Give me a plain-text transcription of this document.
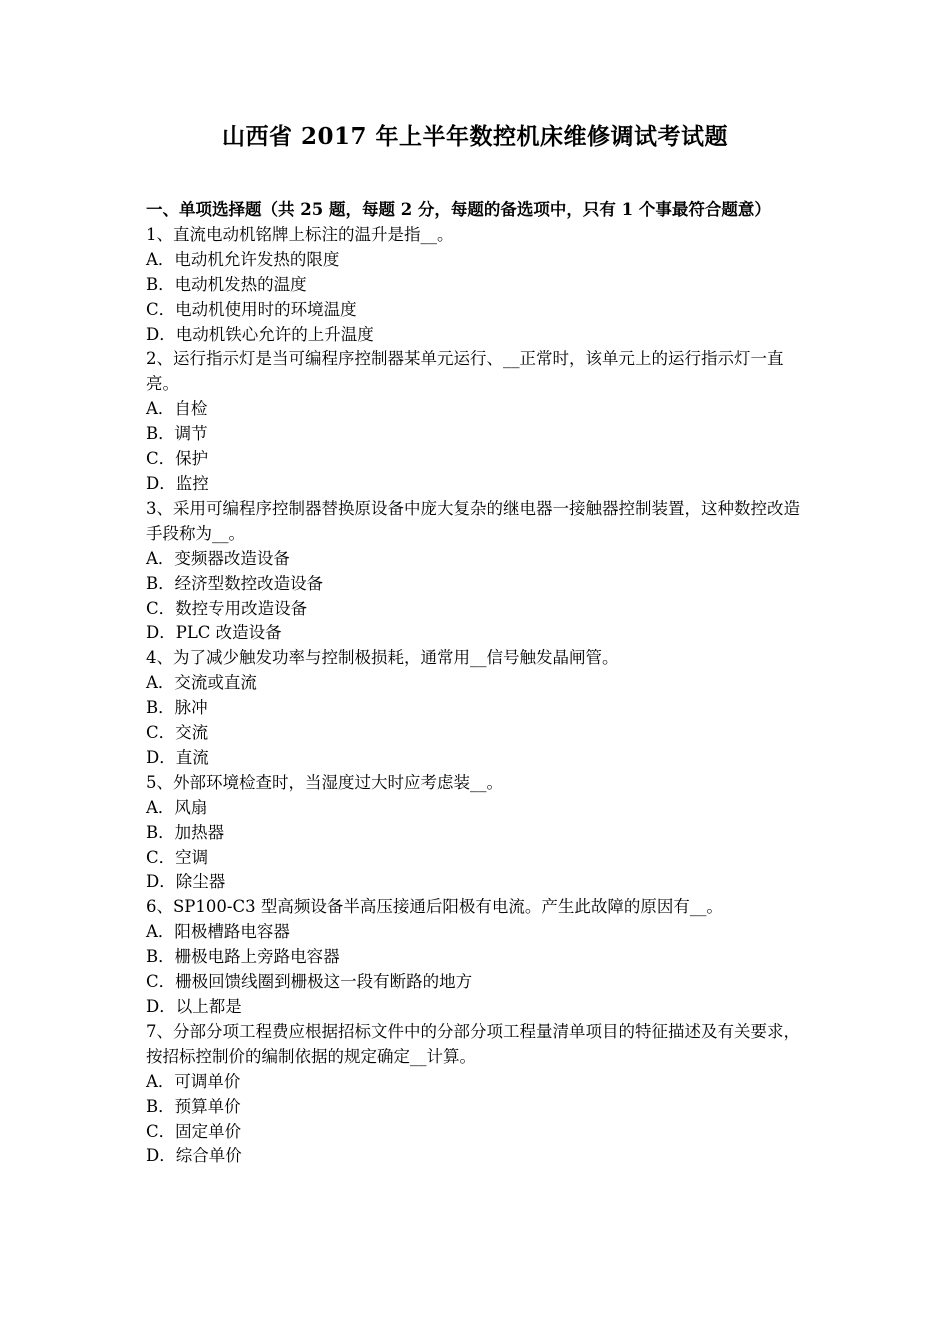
山西省 2017 年上半年数控机床维修调试考试题

一、单项选择题（共 25 题，每题 2 分，每题的备选项中，只有 1 个事最符合题意）

1、直流电动机铭牌上标注的温升是指__。

A．电动机允许发热的限度

B．电动机发热的温度

C．电动机使用时的环境温度

D．电动机铁心允许的上升温度

2、运行指示灯是当可编程序控制器某单元运行、__正常时，该单元上的运行指示灯一直亮。

A．自检

B．调节

C．保护

D．监控

3、采用可编程序控制器替换原设备中庞大复杂的继电器一接触器控制装置，这种数控改造手段称为__。

A．变频器改造设备

B．经济型数控改造设备

C．数控专用改造设备

D．PLC 改造设备

4、为了减少触发功率与控制极损耗，通常用__信号触发晶闸管。

A．交流或直流

B．脉冲

C．交流

D．直流

5、外部环境检查时，当湿度过大时应考虑装__。

A．风扇

B．加热器

C．空调

D．除尘器

6、SP100-C3 型高频设备半高压接通后阳极有电流。产生此故障的原因有__。

A．阳极槽路电容器

B．栅极电路上旁路电容器

C．栅极回馈线圈到栅极这一段有断路的地方

D．以上都是

7、分部分项工程费应根据招标文件中的分部分项工程量清单项目的特征描述及有关要求，按招标控制价的编制依据的规定确定__计算。

A．可调单价

B．预算单价

C．固定单价

D．综合单价
